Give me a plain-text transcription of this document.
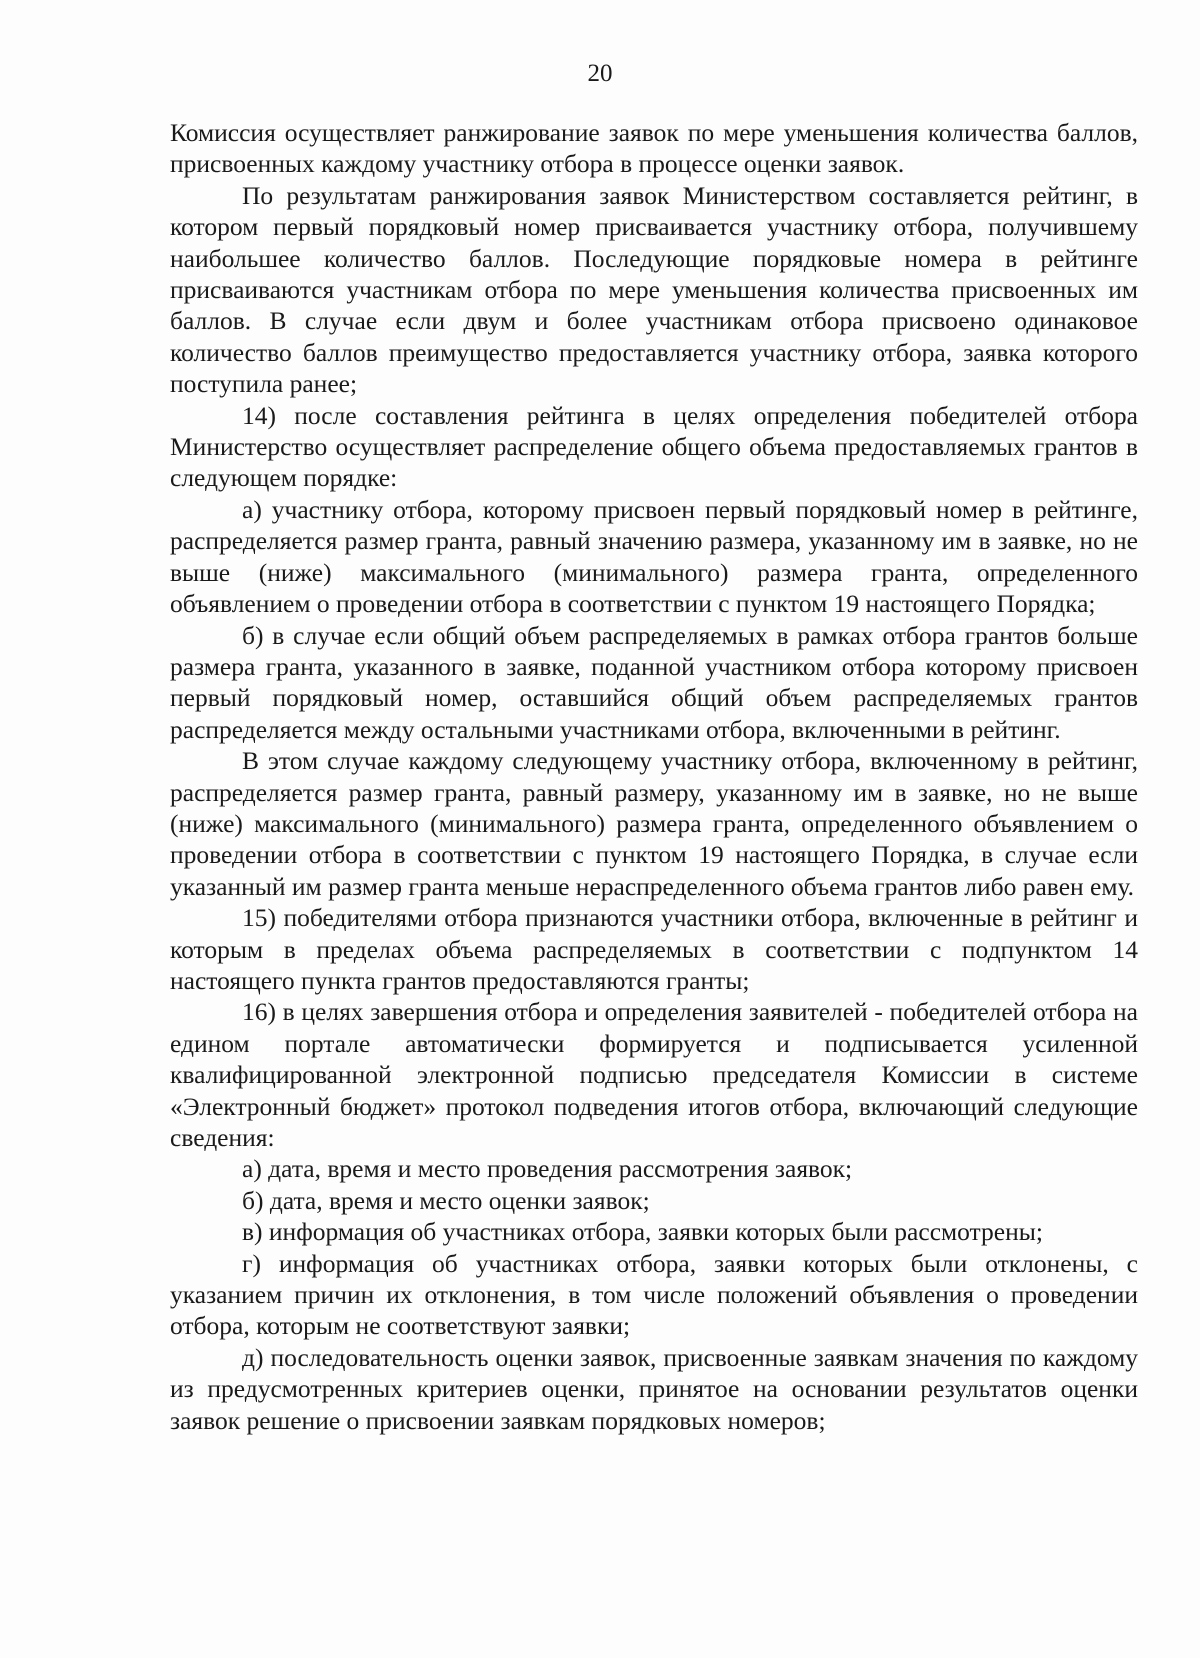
20

Комиссия осуществляет ранжирование заявок по мере уменьшения количества баллов, присвоенных каждому участнику отбора в процессе оценки заявок.

По результатам ранжирования заявок Министерством составляется рейтинг, в котором первый порядковый номер присваивается участнику отбора, получившему наибольшее количество баллов. Последующие порядковые номера в рейтинге присваиваются участникам отбора по мере уменьшения количества присвоенных им баллов. В случае если двум и более участникам отбора присвоено одинаковое количество баллов преимущество предоставляется участнику отбора, заявка которого поступила ранее;

14) после составления рейтинга в целях определения победителей отбора Министерство осуществляет распределение общего объема предоставляемых грантов в следующем порядке:

а) участнику отбора, которому присвоен первый порядковый номер в рейтинге, распределяется размер гранта, равный значению размера, указанному им в заявке, но не выше (ниже) максимального (минимального) размера гранта, определенного объявлением о проведении отбора в соответствии с пунктом 19 настоящего Порядка;

б) в случае если общий объем распределяемых в рамках отбора грантов больше размера гранта, указанного в заявке, поданной участником отбора которому присвоен первый порядковый номер, оставшийся общий объем распределяемых грантов распределяется между остальными участниками отбора, включенными в рейтинг.

В этом случае каждому следующему участнику отбора, включенному в рейтинг, распределяется размер гранта, равный размеру, указанному им в заявке, но не выше (ниже) максимального (минимального) размера гранта, определенного объявлением о проведении отбора в соответствии с пунктом 19 настоящего Порядка, в случае если указанный им размер гранта меньше нераспределенного объема грантов либо равен ему.

15) победителями отбора признаются участники отбора, включенные в рейтинг и которым в пределах объема распределяемых в соответствии с подпунктом 14 настоящего пункта грантов предоставляются гранты;

16) в целях завершения отбора и определения заявителей - победителей отбора на едином портале автоматически формируется и подписывается усиленной квалифицированной электронной подписью председателя Комиссии в системе «Электронный бюджет» протокол подведения итогов отбора, включающий следующие сведения:

а) дата, время и место проведения рассмотрения заявок;

б) дата, время и место оценки заявок;

в) информация об участниках отбора, заявки которых были рассмотрены;

г) информация об участниках отбора, заявки которых были отклонены, с указанием причин их отклонения, в том числе положений объявления о проведении отбора, которым не соответствуют заявки;

д) последовательность оценки заявок, присвоенные заявкам значения по каждому из предусмотренных критериев оценки, принятое на основании результатов оценки заявок решение о присвоении заявкам порядковых номеров;
